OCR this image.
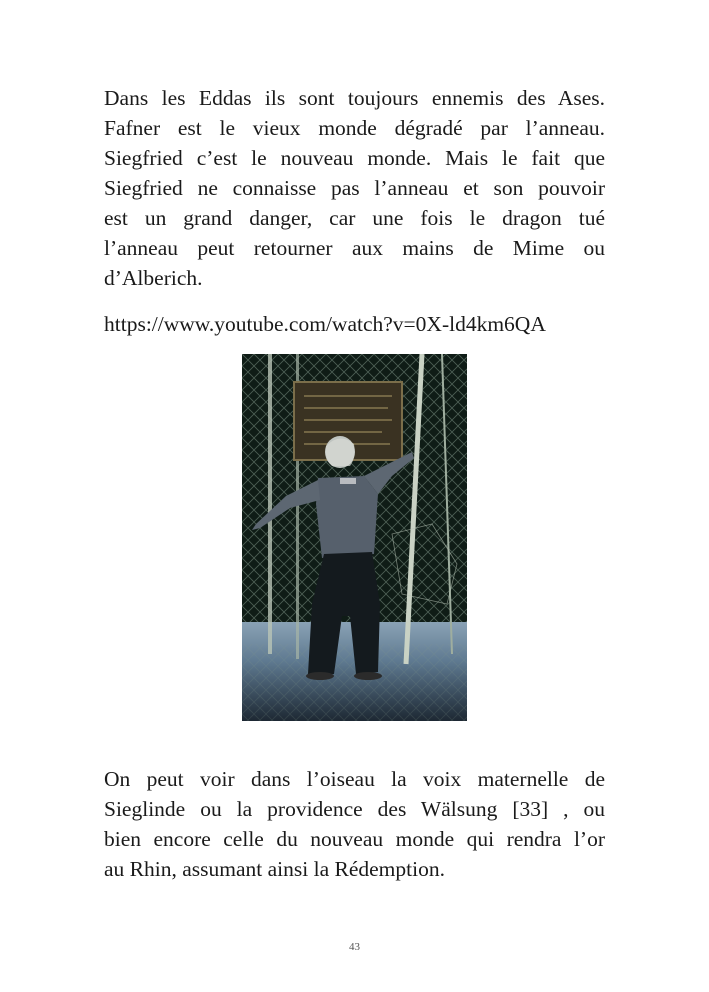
Dans les Eddas ils sont toujours ennemis des Ases.
Fafner est le vieux monde dégradé par l’anneau.
Siegfried c’est le nouveau monde. Mais le fait que
Siegfried ne connaisse pas l’anneau et son pouvoir
est un grand danger, car une fois le dragon tué
l’anneau peut retourner aux mains de Mime ou
d’Alberich.

https://www.youtube.com/watch?v=0X-ld4km6QA

On peut voir dans l’oiseau la voix maternelle de
Sieglinde ou la providence des Wälsung [33] , ou
bien encore celle du nouveau monde qui rendra l’or
au Rhin, assumant ainsi la Rédemption.

43
